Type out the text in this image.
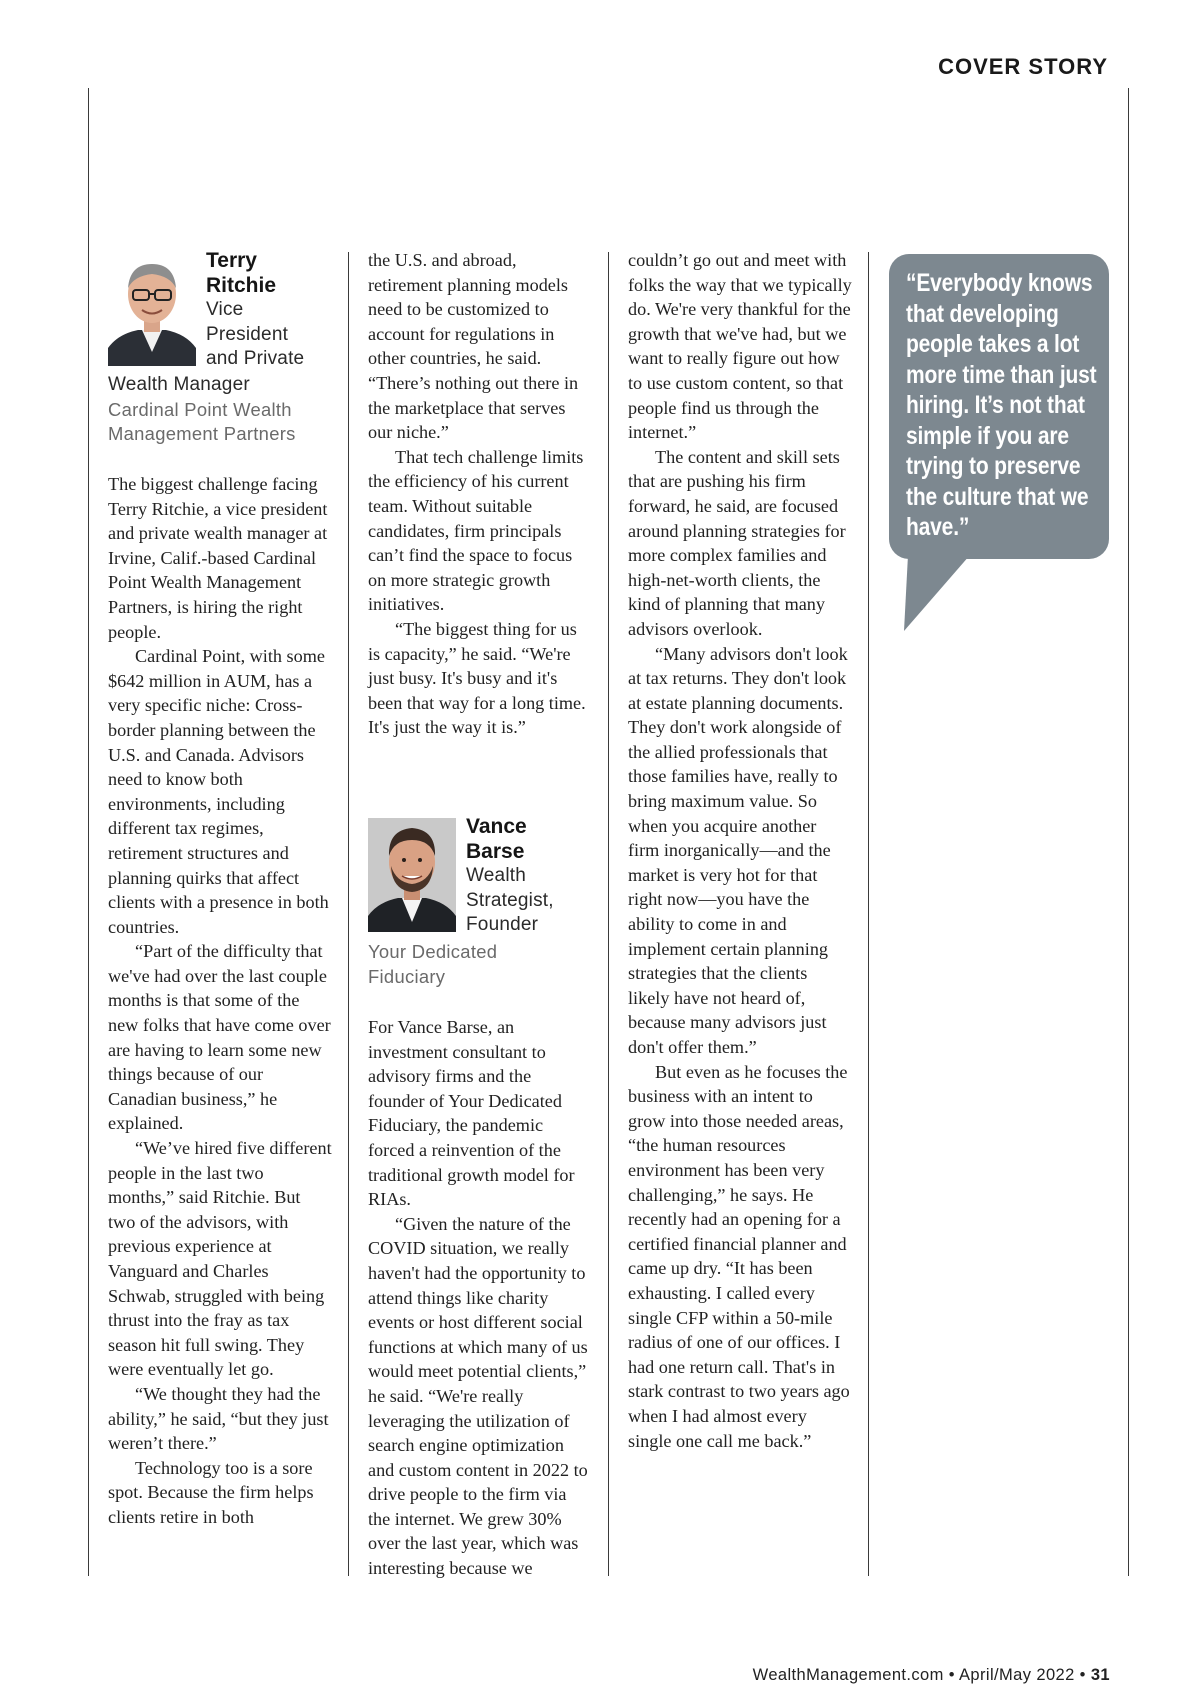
COVER STORY
Terry
Ritchie
Vice
President
and Private
Wealth Manager
Cardinal Point Wealth
Management Partners

The biggest challenge facing Terry Ritchie, a vice president and private wealth manager at Irvine, Calif.-based Cardinal Point Wealth Management Partners, is hiring the right people.

Cardinal Point, with some $642 million in AUM, has a very specific niche: Cross-border planning between the U.S. and Canada. Advisors need to know both environments, including different tax regimes, retirement structures and planning quirks that affect clients with a presence in both countries.

“Part of the difficulty that we've had over the last couple months is that some of the new folks that have come over are having to learn some new things because of our Canadian business,” he explained.

“We’ve hired five different people in the last two months,” said Ritchie. But two of the advisors, with previous experience at Vanguard and Charles Schwab, struggled with being thrust into the fray as tax season hit full swing. They were eventually let go.

“We thought they had the ability,” he said, “but they just weren’t there.”

Technology too is a sore spot. Because the firm helps clients retire in both

the U.S. and abroad, retirement planning models need to be customized to account for regulations in other countries, he said. “There’s nothing out there in the marketplace that serves our niche.”

That tech challenge limits the efficiency of his current team. Without suitable candidates, firm principals can’t find the space to focus on more strategic growth initiatives.

“The biggest thing for us is capacity,” he said. “We're just busy. It's busy and it's been that way for a long time. It's just the way it is.”

Vance
Barse
Wealth
Strategist,
Founder
Your Dedicated
Fiduciary

For Vance Barse, an investment consultant to advisory firms and the founder of Your Dedicated Fiduciary, the pandemic forced a reinvention of the traditional growth model for RIAs.

“Given the nature of the COVID situation, we really haven't had the opportunity to attend things like charity events or host different social functions at which many of us would meet potential clients,” he said. “We're really leveraging the utilization of search engine optimization and custom content in 2022 to drive people to the firm via the internet. We grew 30% over the last year, which was interesting because we

couldn’t go out and meet with folks the way that we typically do. We're very thankful for the growth that we've had, but we want to really figure out how to use custom content, so that people find us through the internet.”

The content and skill sets that are pushing his firm forward, he said, are focused around planning strategies for more complex families and high-net-worth clients, the kind of planning that many advisors overlook.

“Many advisors don't look at tax returns. They don't look at estate planning documents. They don't work alongside of the allied professionals that those families have, really to bring maximum value. So when you acquire another firm inorganically—and the market is very hot for that right now—you have the ability to come in and implement certain planning strategies that the clients likely have not heard of, because many advisors just don't offer them.”

But even as he focuses the business with an intent to grow into those needed areas, “the human resources environment has been very challenging,” he says. He recently had an opening for a certified financial planner and came up dry. “It has been exhausting. I called every single CFP within a 50-mile radius of one of our offices. I had one return call. That's in stark contrast to two years ago when I had almost every single one call me back.”

“Everybody knows that developing people takes a lot more time than just hiring. It’s not that simple if you are trying to preserve the culture that we have.”
WealthManagement.com • April/May 2022 • 31
